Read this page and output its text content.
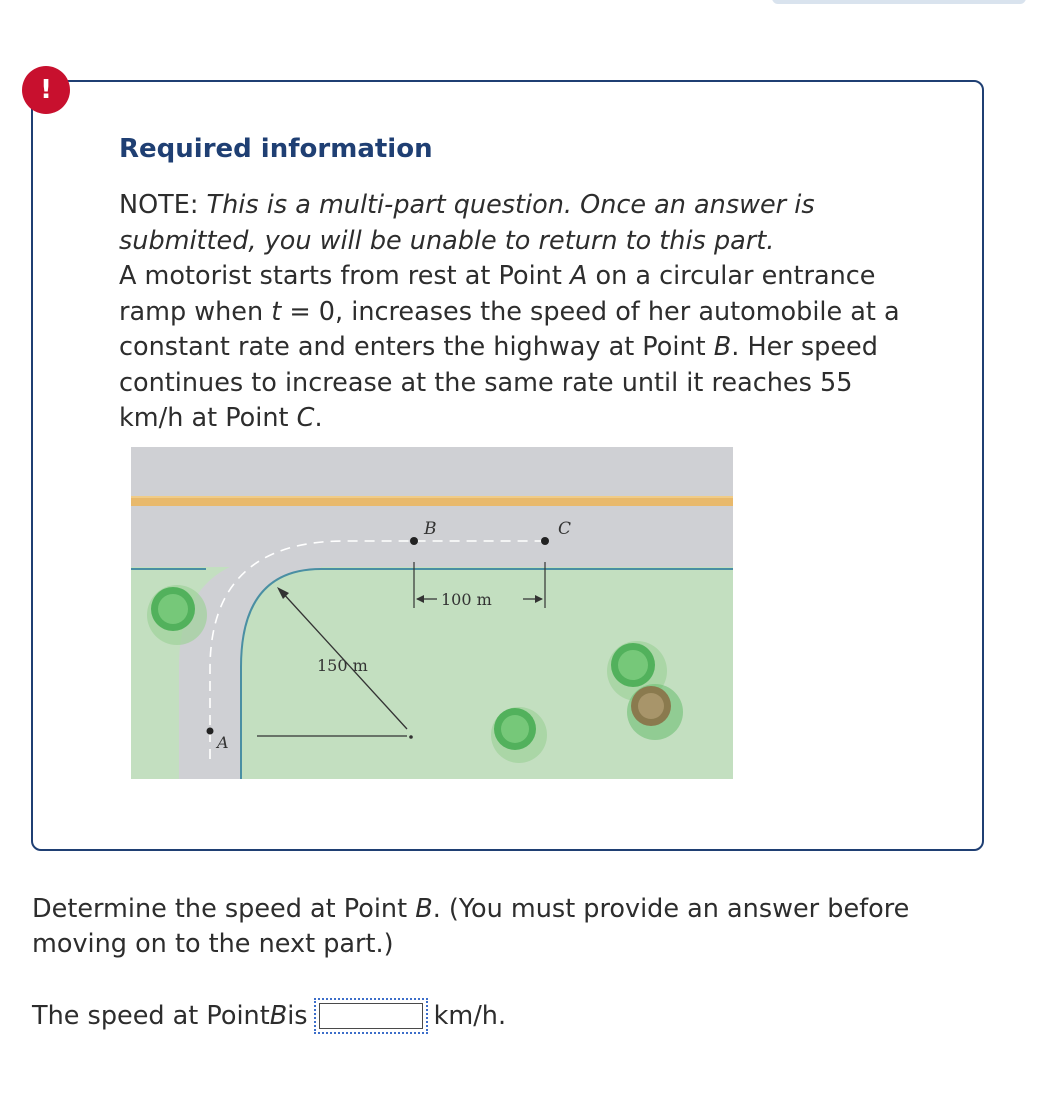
!
Required information

NOTE: This is a multi-part question. Once an answer is submitted, you will be unable to return to this part.

A motorist starts from rest at Point A on a circular entrance ramp when t = 0, increases the speed of her automobile at a constant rate and enters the highway at Point B. Her speed continues to increase at the same rate until it reaches 55 km/h at Point C.

B	C
A
100 m
150 m

Determine the speed at Point B. (You must provide an answer before moving on to the next part.)

The speed at Point B is	km/h.
